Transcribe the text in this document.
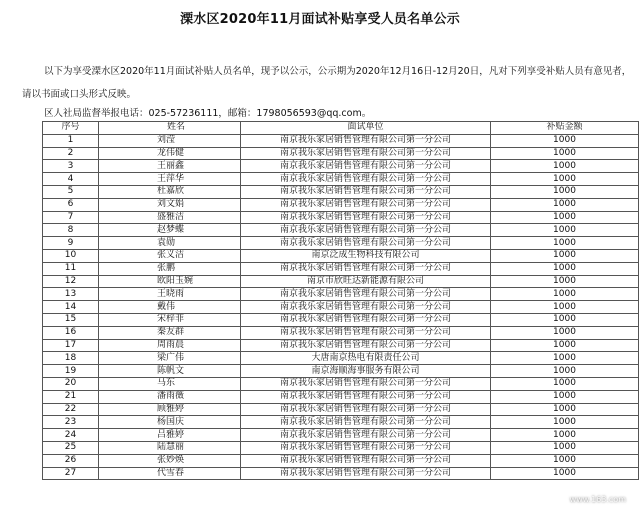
溧水区2020年11月面试补贴享受人员名单公示
以下为享受溧水区2020年11月面试补贴人员名单，现予以公示，公示期为2020年12月16日-12月20日，凡对下列享受补贴人员有意见者，请以书面或口头形式反映。
区人社局监督举报电话：025-57236111，邮箱：1798056593@qq.com。
序号	姓名	面试单位	补贴金额
1	刘滢	南京我乐家居销售管理有限公司第一分公司	1000
2	龙伟健	南京我乐家居销售管理有限公司第一分公司	1000
3	王丽鑫	南京我乐家居销售管理有限公司第一分公司	1000
4	王萍华	南京我乐家居销售管理有限公司第一分公司	1000
5	杜嘉欣	南京我乐家居销售管理有限公司第一分公司	1000
6	刘文娟	南京我乐家居销售管理有限公司第一分公司	1000
7	盛雅洁	南京我乐家居销售管理有限公司第一分公司	1000
8	赵梦蝶	南京我乐家居销售管理有限公司第一分公司	1000
9	袁勋	南京我乐家居销售管理有限公司第一分公司	1000
10	张义洁	南京泛成生物科技有限公司	1000
11	张鹏	南京我乐家居销售管理有限公司第一分公司	1000
12	欧阳玉婉	南京市欣旺达新能源有限公司	1000
13	王晓雨	南京我乐家居销售管理有限公司第一分公司	1000
14	戴伟	南京我乐家居销售管理有限公司第一分公司	1000
15	宋梓菲	南京我乐家居销售管理有限公司第一分公司	1000
16	秦友群	南京我乐家居销售管理有限公司第一分公司	1000
17	周雨晨	南京我乐家居销售管理有限公司第一分公司	1000
18	梁广伟	大唐南京热电有限责任公司	1000
19	陈帆文	南京海顺海事服务有限公司	1000
20	马东	南京我乐家居销售管理有限公司第一分公司	1000
21	潘雨薇	南京我乐家居销售管理有限公司第一分公司	1000
22	顾雅婷	南京我乐家居销售管理有限公司第一分公司	1000
23	杨国庆	南京我乐家居销售管理有限公司第一分公司	1000
24	吕雅婷	南京我乐家居销售管理有限公司第一分公司	1000
25	陆慧丽	南京我乐家居销售管理有限公司第一分公司	1000
26	张妙焕	南京我乐家居销售管理有限公司第一分公司	1000
27	代雪春	南京我乐家居销售管理有限公司第一分公司	1000
www.163.com
